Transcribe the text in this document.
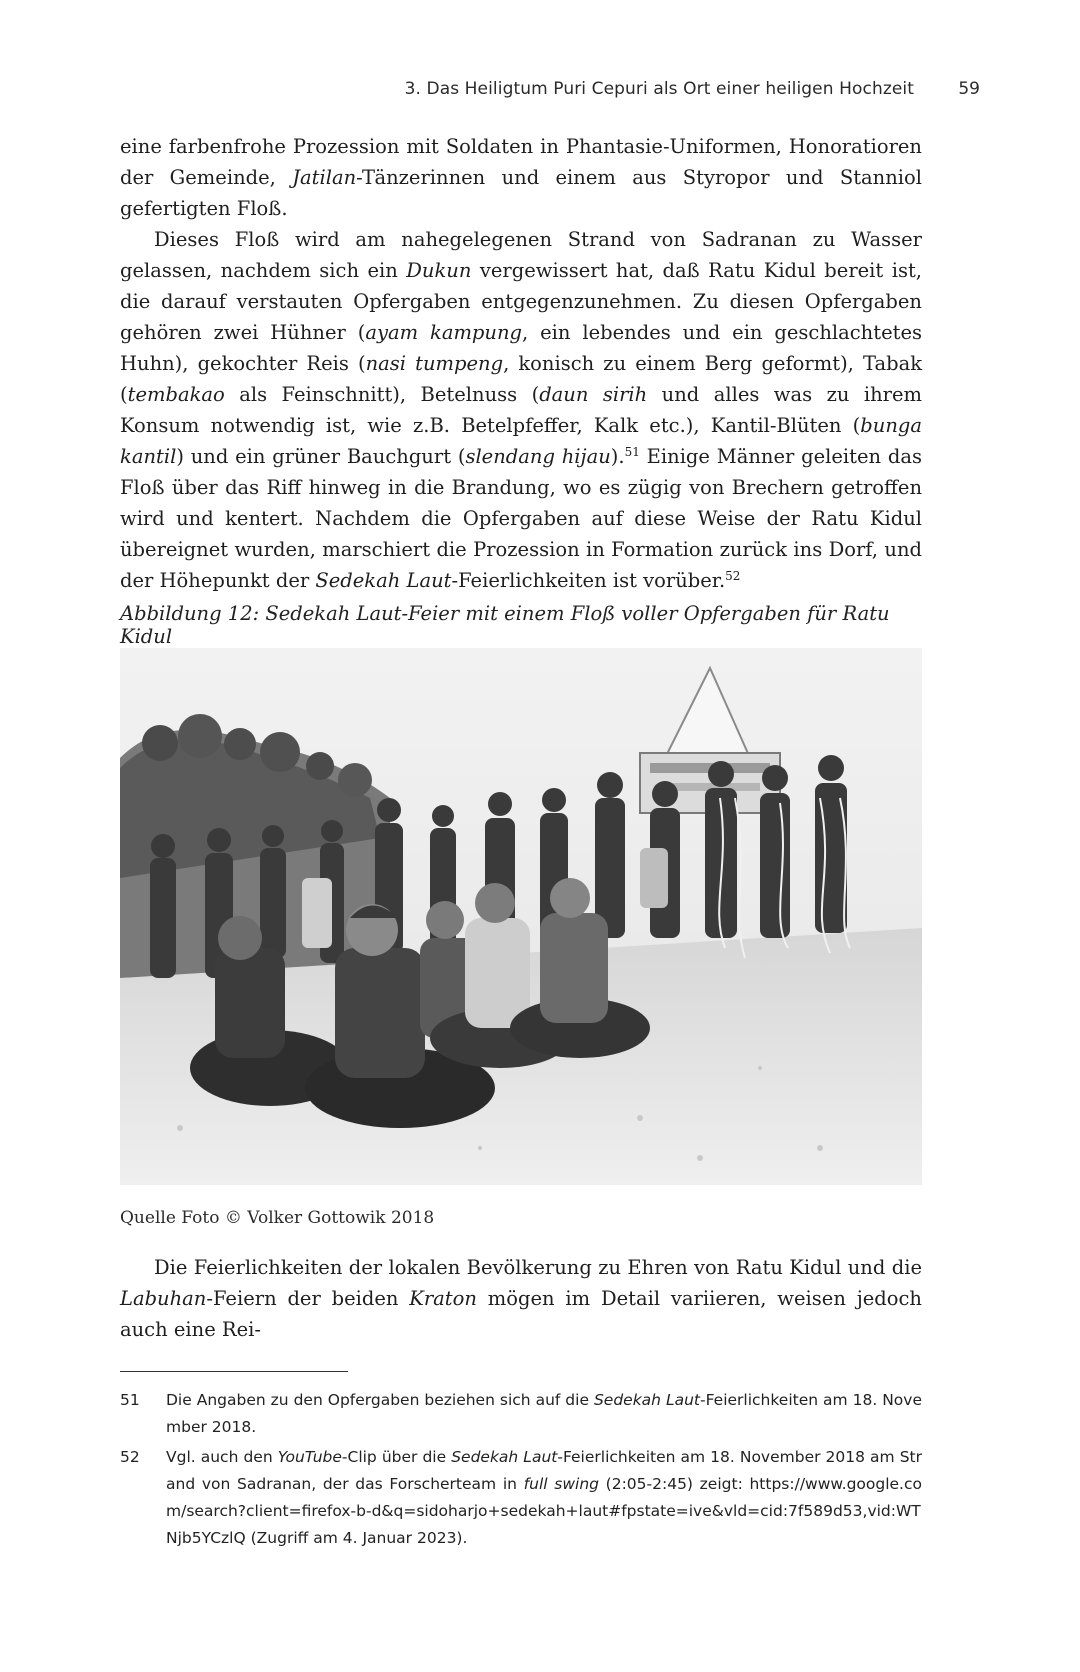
3. Das Heiligtum Puri Cepuri als Ort einer heiligen Hochzeit	59

eine farbenfrohe Prozession mit Soldaten in Phantasie-Uniformen, Honoratioren der Gemeinde, Jatilan-Tänzerinnen und einem aus Styropor und Stanniol gefertigten Floß.

Dieses Floß wird am nahegelegenen Strand von Sadranan zu Wasser gelassen, nachdem sich ein Dukun vergewissert hat, daß Ratu Kidul bereit ist, die darauf verstauten Opfergaben entgegenzunehmen. Zu diesen Opfergaben gehören zwei Hühner (ayam kampung, ein lebendes und ein geschlachtetes Huhn), gekochter Reis (nasi tumpeng, konisch zu einem Berg geformt), Tabak (tembakao als Feinschnitt), Betelnuss (daun sirih und alles was zu ihrem Konsum notwendig ist, wie z.B. Betelpfeffer, Kalk etc.), Kantil-Blüten (bunga kantil) und ein grüner Bauchgurt (slendang hijau).$^{51}$ Einige Männer geleiten das Floß über das Riff hinweg in die Brandung, wo es zügig von Brechern getroffen wird und kentert. Nachdem die Opfergaben auf diese Weise der Ratu Kidul übereignet wurden, marschiert die Prozession in Formation zurück ins Dorf, und der Höhepunkt der Sedekah Laut-Feierlichkeiten ist vorüber.$^{52}$

Abbildung 12: Sedekah Laut-Feier mit einem Floß voller Opfergaben für Ratu Kidul
Quelle Foto © Volker Gottowik 2018

Die Feierlichkeiten der lokalen Bevölkerung zu Ehren von Ratu Kidul und die Labuhan-Feiern der beiden Kraton mögen im Detail variieren, weisen jedoch auch eine Rei-

51	Die Angaben zu den Opfergaben beziehen sich auf die Sedekah Laut-Feierlichkeiten am 18. November 2018.
52	Vgl. auch den YouTube-Clip über die Sedekah Laut-Feierlichkeiten am 18. November 2018 am Strand von Sadranan, der das Forscherteam in full swing (2:05-2:45) zeigt: https://www.google.com/search?client=firefox-b-d&q=sidoharjo+sedekah+laut#fpstate=ive&vld=cid:7f589d53,vid:WTNjb5YCzlQ (Zugriff am 4. Januar 2023).
